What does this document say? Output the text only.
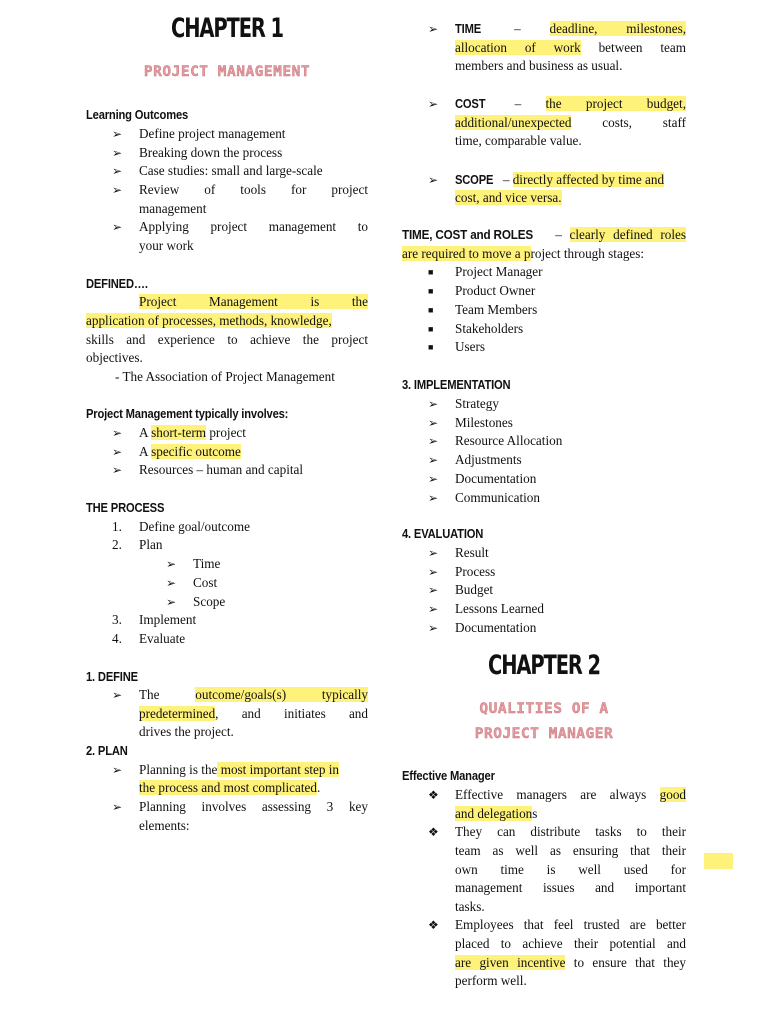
CHAPTER 1
PROJECT MANAGEMENT
Learning Outcomes
➢ Define project management
➢ Breaking down the process
➢ Case studies: small and large-scale
➢ Review of tools for project
management
➢ Applying project management to
your work
DEFINED….
Project Management is the
application of processes, methods, knowledge,
skills and experience to achieve the project
objectives.
- The Association of Project Management
Project Management typically involves:
➢ A short-term project
➢ A specific outcome
➢ Resources – human and capital
THE PROCESS
1. Define goal/outcome
2. Plan
➢ Time
➢ Cost
➢ Scope
3. Implement
4. Evaluate
1. DEFINE
➢ The outcome/goals(s) typically
predetermined, and initiates and
drives the project.
2. PLAN
➢ Planning is the most important step in
the process and most complicated.
➢ Planning involves assessing 3 key
elements:
➢ TIME – deadline, milestones,
allocation of work between team
members and business as usual.
➢ COST – the project budget,
additional/unexpected costs, staff
time, comparable value.
➢ SCOPE – directly affected by time and
cost, and vice versa.
TIME, COST and ROLES – clearly defined roles
are required to move a project through stages:
■ Project Manager
■ Product Owner
■ Team Members
■ Stakeholders
■ Users
3. IMPLEMENTATION
➢ Strategy
➢ Milestones
➢ Resource Allocation
➢ Adjustments
➢ Documentation
➢ Communication
4. EVALUATION
➢ Result
➢ Process
➢ Budget
➢ Lessons Learned
➢ Documentation
CHAPTER 2
QUALITIES OF A
PROJECT MANAGER
Effective Manager
❖ Effective managers are always good
and delegations
❖ They can distribute tasks to their
team as well as ensuring that their
own time is well used for
management issues and important
tasks.
❖ Employees that feel trusted are better
placed to achieve their potential and
are given incentive to ensure that they
perform well.
